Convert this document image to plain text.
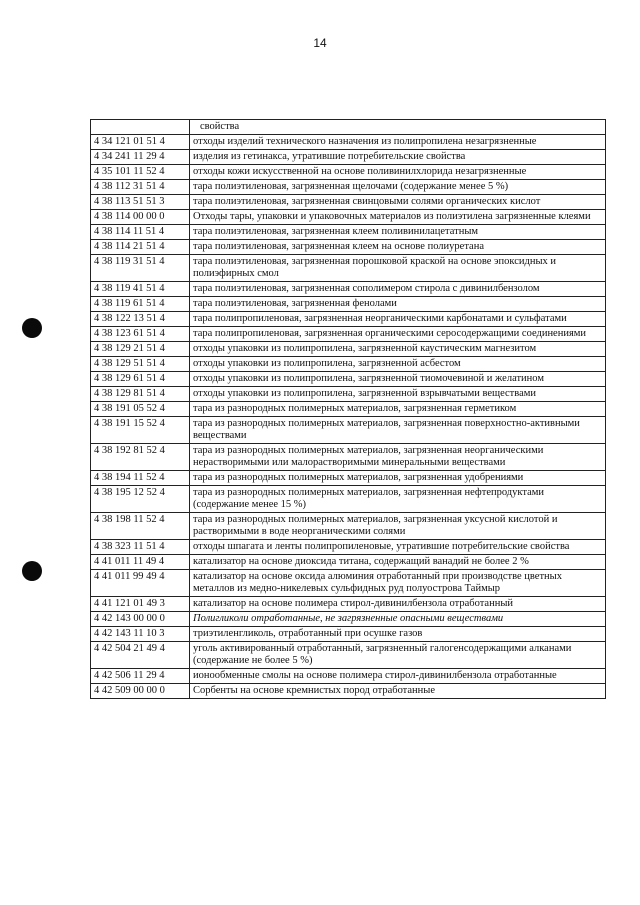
14
	свойства
4 34 121 01 51 4	отходы изделий технического назначения из полипропилена незагрязненные
4 34 241 11 29 4	изделия из гетинакса, утратившие потребительские свойства
4 35 101 11 52 4	отходы кожи искусственной на основе поливинилхлорида незагрязненные
4 38 112 31 51 4	тара полиэтиленовая, загрязненная щелочами (содержание менее 5 %)
4 38 113 51 51 3	тара полиэтиленовая, загрязненная свинцовыми солями органических кислот
4 38 114 00 00 0	Отходы тары, упаковки и упаковочных материалов из полиэтилена загрязненные клеями
4 38 114 11 51 4	тара полиэтиленовая, загрязненная клеем поливинилацетатным
4 38 114 21 51 4	тара полиэтиленовая, загрязненная клеем на основе полиуретана
4 38 119 31 51 4	тара полиэтиленовая, загрязненная порошковой краской на основе эпоксидных и полиэфирных смол
4 38 119 41 51 4	тара полиэтиленовая, загрязненная сополимером стирола с дивинилбензолом
4 38 119 61 51 4	тара полиэтиленовая, загрязненная фенолами
4 38 122 13 51 4	тара полипропиленовая, загрязненная неорганическими карбонатами и сульфатами
4 38 123 61 51 4	тара полипропиленовая, загрязненная органическими серосодержащими соединениями
4 38 129 21 51 4	отходы упаковки из полипропилена, загрязненной каустическим магнезитом
4 38 129 51 51 4	отходы упаковки из полипропилена, загрязненной асбестом
4 38 129 61 51 4	отходы упаковки из полипропилена, загрязненной тиомочевиной и желатином
4 38 129 81 51 4	отходы упаковки из полипропилена, загрязненной взрывчатыми веществами
4 38 191 05 52 4	тара из разнородных полимерных материалов, загрязненная герметиком
4 38 191 15 52 4	тара из разнородных полимерных материалов, загрязненная поверхностно-активными веществами
4 38 192 81 52 4	тара из разнородных полимерных материалов, загрязненная неорганическими нерастворимыми или малорастворимыми минеральными веществами
4 38 194 11 52 4	тара из разнородных полимерных материалов, загрязненная удобрениями
4 38 195 12 52 4	тара из разнородных полимерных материалов, загрязненная нефтепродуктами (содержание менее 15 %)
4 38 198 11 52 4	тара из разнородных полимерных материалов, загрязненная уксусной кислотой и растворимыми в воде неорганическими солями
4 38 323 11 51 4	отходы шпагата и ленты полипропиленовые, утратившие потребительские свойства
4 41 011 11 49 4	катализатор на основе диоксида титана, содержащий ванадий не более 2 %
4 41 011 99 49 4	катализатор на основе оксида алюминия отработанный при производстве цветных металлов из медно-никелевых сульфидных руд полуострова Таймыр
4 41 121 01 49 3	катализатор на основе полимера стирол-дивинилбензола отработанный
4 42 143 00 00 0	Полигликоли отработанные, не загрязненные опасными веществами
4 42 143 11 10 3	триэтиленгликоль, отработанный при осушке газов
4 42 504 21 49 4	уголь активированный отработанный, загрязненный галогенсодержащими алканами (содержание не более 5 %)
4 42 506 11 29 4	ионообменные смолы на основе полимера стирол-дивинилбензола отработанные
4 42 509 00 00 0	Сорбенты на основе кремнистых пород отработанные
